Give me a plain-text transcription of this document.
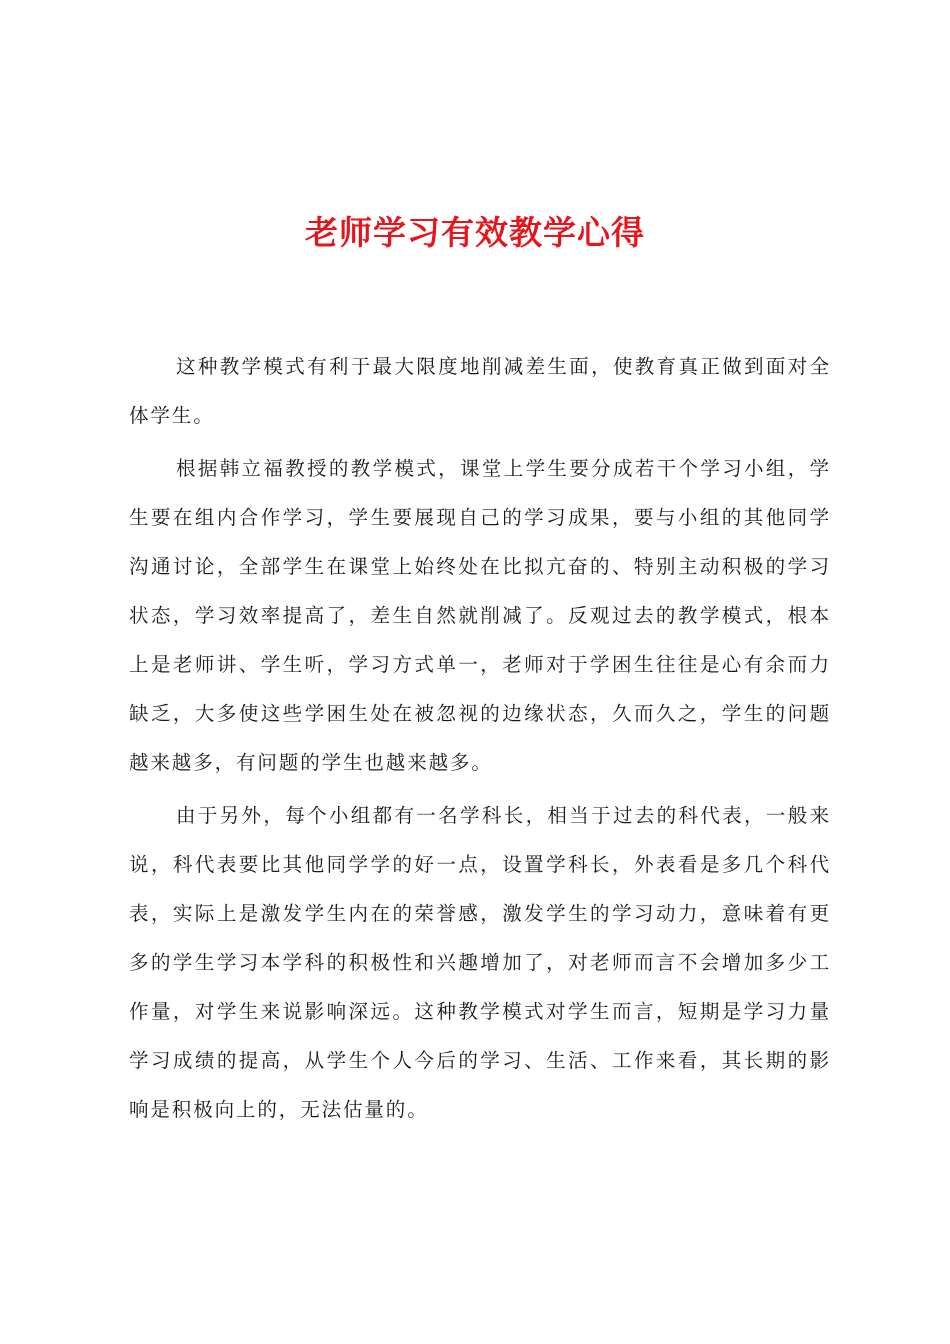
老师学习有效教学心得

这种教学模式有利于最大限度地削减差生面，使教育真正做到面对全体学生。

根据韩立福教授的教学模式，课堂上学生要分成若干个学习小组，学生要在组内合作学习，学生要展现自己的学习成果，要与小组的其他同学沟通讨论，全部学生在课堂上始终处在比拟亢奋的、特别主动积极的学习状态，学习效率提高了，差生自然就削减了。反观过去的教学模式，根本上是老师讲、学生听，学习方式单一，老师对于学困生往往是心有余而力缺乏，大多使这些学困生处在被忽视的边缘状态，久而久之，学生的问题越来越多，有问题的学生也越来越多。

由于另外，每个小组都有一名学科长，相当于过去的科代表，一般来说，科代表要比其他同学学的好一点，设置学科长，外表看是多几个科代表，实际上是激发学生内在的荣誉感，激发学生的学习动力，意味着有更多的学生学习本学科的积极性和兴趣增加了，对老师而言不会增加多少工作量，对学生来说影响深远。这种教学模式对学生而言，短期是学习力量学习成绩的提高，从学生个人今后的学习、生活、工作来看，其长期的影响是积极向上的，无法估量的。
